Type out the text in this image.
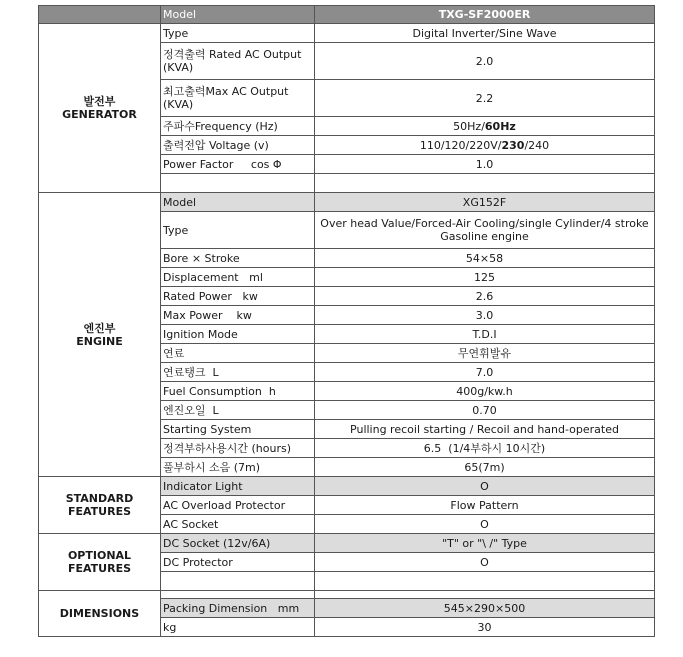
	Model	TXG-SF2000ER
발전부
GENERATOR	Type	Digital Inverter/Sine Wave
	정격출력 Rated AC Output (KVA)	2.0
	최고출력Max AC Output (KVA)	2.2
	주파수Frequency (Hz)	50Hz/60Hz
	출력전압 Voltage (v)	110/120/220V/230/240
	Power Factor     cos Φ	1.0

엔진부
ENGINE	Model	XG152F
	Type	Over head Value/Forced-Air Cooling/single Cylinder/4 stroke Gasoline engine
	Bore × Stroke	54×58
	Displacement   ml	125
	Rated Power   kw	2.6
	Max Power    kw	3.0
	Ignition Mode	T.D.I
	연료	무연휘발유
	연료탱크  L	7.0
	Fuel Consumption  h	400g/kw.h
	엔진오일  L	0.70
	Starting System	Pulling recoil starting / Recoil and hand-operated
	정격부하사용시간 (hours)	6.5  (1/4부하시 10시간)
	풀부하시 소음 (7m)	65(7m)
STANDARD
FEATURES	Indicator Light	O
	AC Overload Protector	Flow Pattern
	AC Socket	O
OPTIONAL
FEATURES	DC Socket (12v/6A)	"T" or "\ /" Type
	DC Protector	O

DIMENSIONS		
	Packing Dimension   mm	545×290×500
	kg	30
